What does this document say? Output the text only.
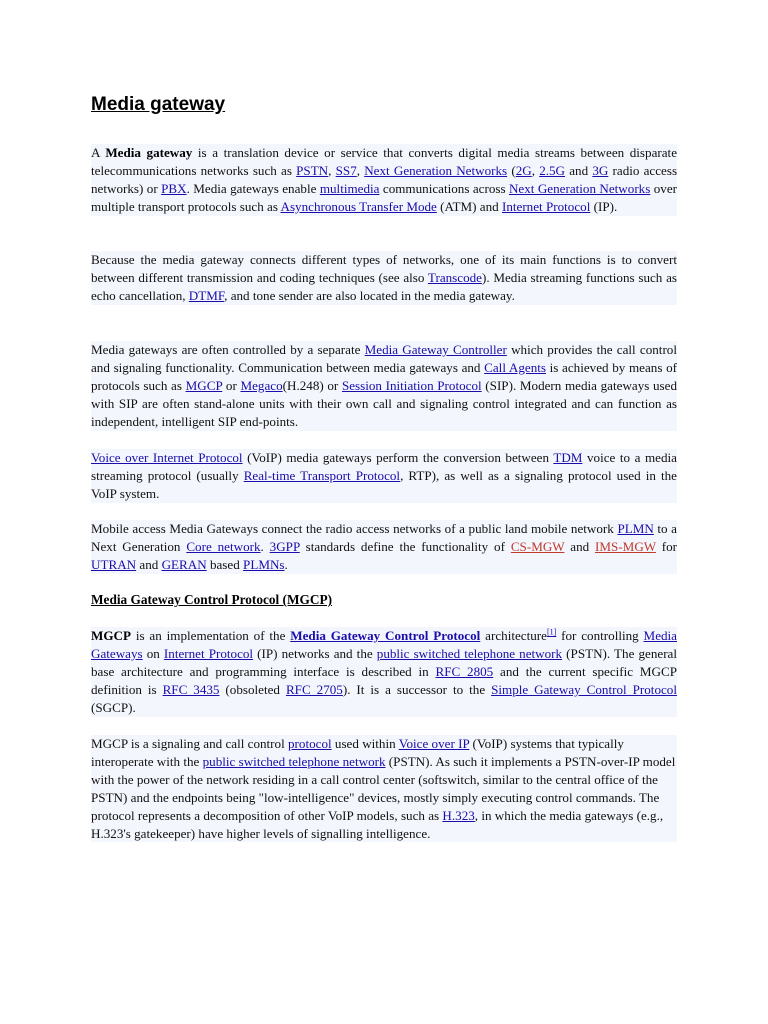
Media gateway
A Media gateway is a translation device or service that converts digital media streams between disparate telecommunications networks such as PSTN, SS7, Next Generation Networks (2G, 2.5G and 3G radio access networks) or PBX. Media gateways enable multimedia communications across Next Generation Networks over multiple transport protocols such as Asynchronous Transfer Mode (ATM) and Internet Protocol (IP).
Because the media gateway connects different types of networks, one of its main functions is to convert between different transmission and coding techniques (see also Transcode). Media streaming functions such as echo cancellation, DTMF, and tone sender are also located in the media gateway.
Media gateways are often controlled by a separate Media Gateway Controller which provides the call control and signaling functionality. Communication between media gateways and Call Agents is achieved by means of protocols such as MGCP or Megaco(H.248) or Session Initiation Protocol (SIP). Modern media gateways used with SIP are often stand-alone units with their own call and signaling control integrated and can function as independent, intelligent SIP end-points.
Voice over Internet Protocol (VoIP) media gateways perform the conversion between TDM voice to a media streaming protocol (usually Real-time Transport Protocol, RTP), as well as a signaling protocol used in the VoIP system.
Mobile access Media Gateways connect the radio access networks of a public land mobile network PLMN to a Next Generation Core network. 3GPP standards define the functionality of CS-MGW and IMS-MGW for UTRAN and GERAN based PLMNs.
Media Gateway Control Protocol (MGCP)
MGCP is an implementation of the Media Gateway Control Protocol architecture[1] for controlling Media Gateways on Internet Protocol (IP) networks and the public switched telephone network (PSTN). The general base architecture and programming interface is described in RFC 2805 and the current specific MGCP definition is RFC 3435 (obsoleted RFC 2705). It is a successor to the Simple Gateway Control Protocol (SGCP).
MGCP is a signaling and call control protocol used within Voice over IP (VoIP) systems that typically interoperate with the public switched telephone network (PSTN). As such it implements a PSTN-over-IP model with the power of the network residing in a call control center (softswitch, similar to the central office of the PSTN) and the endpoints being "low-intelligence" devices, mostly simply executing control commands. The protocol represents a decomposition of other VoIP models, such as H.323, in which the media gateways (e.g., H.323's gatekeeper) have higher levels of signalling intelligence.
